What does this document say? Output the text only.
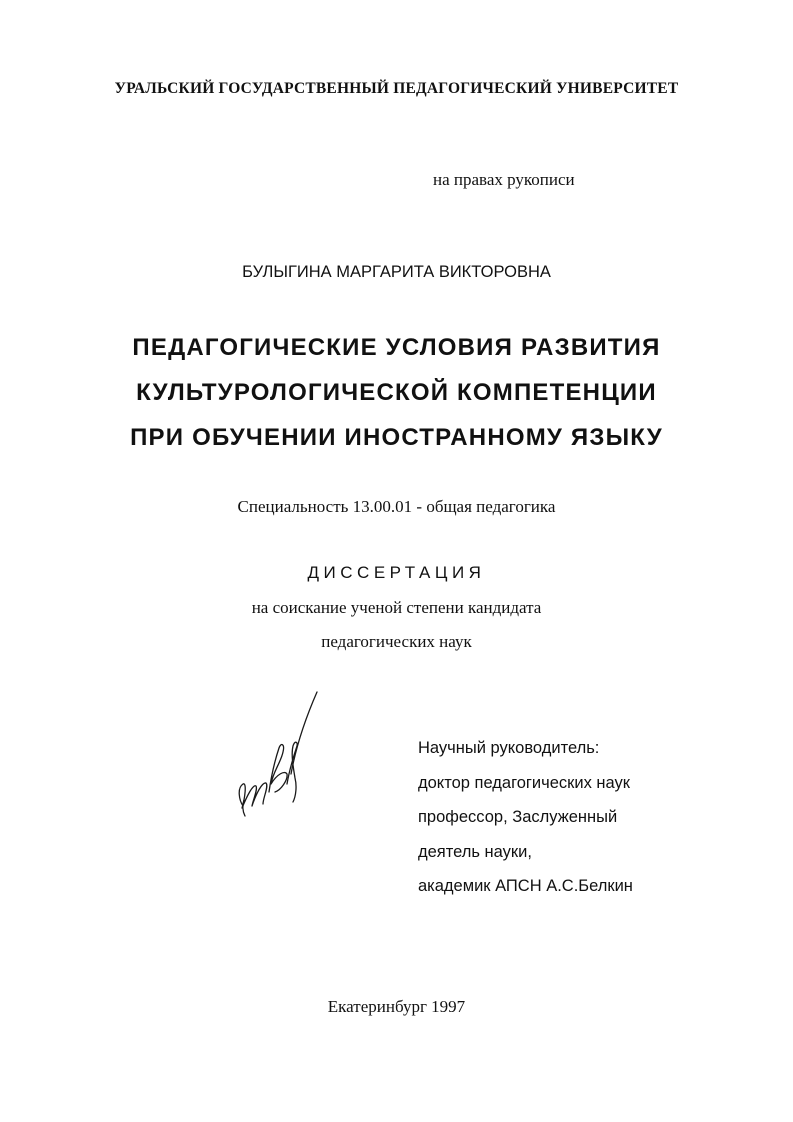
УРАЛЬСКИЙ ГОСУДАРСТВЕННЫЙ ПЕДАГОГИЧЕСКИЙ УНИВЕРСИТЕТ
на правах рукописи
БУЛЫГИНА МАРГАРИТА ВИКТОРОВНА
ПЕДАГОГИЧЕСКИЕ УСЛОВИЯ РАЗВИТИЯ
КУЛЬТУРОЛОГИЧЕСКОЙ КОМПЕТЕНЦИИ
ПРИ ОБУЧЕНИИ ИНОСТРАННОМУ ЯЗЫКУ
Специальность 13.00.01 - общая педагогика
ДИССЕРТАЦИЯ
на соискание ученой степени кандидата
педагогических наук
Научный руководитель:
доктор педагогических наук
профессор, Заслуженный
деятель науки,
академик АПСН А.С.Белкин
Екатеринбург 1997
